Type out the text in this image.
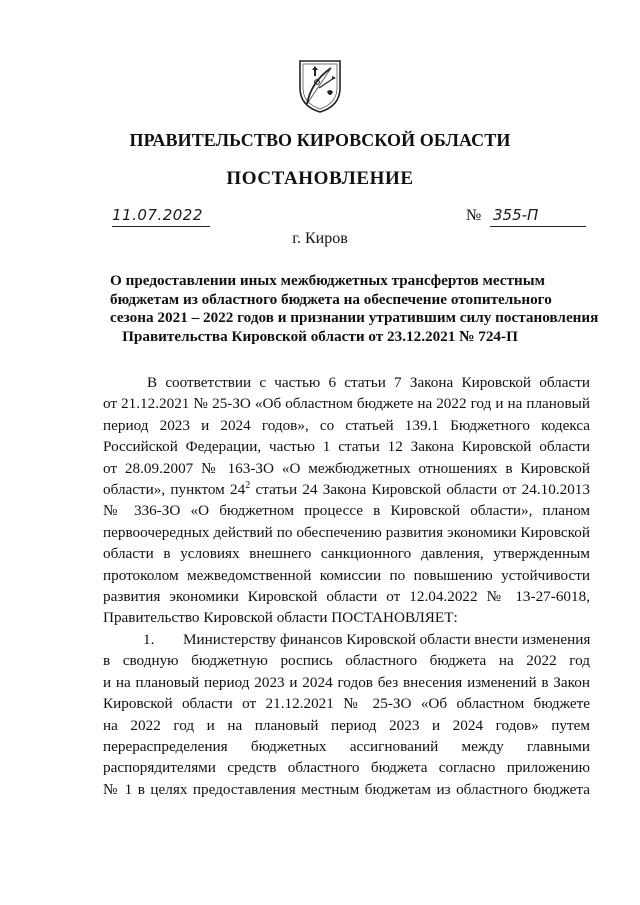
ПРАВИТЕЛЬСТВО КИРОВСКОЙ ОБЛАСТИ
ПОСТАНОВЛЕНИЕ
11.07.2022	№ 355-П
г. Киров
О предоставлении иных межбюджетных трансфертов местным
бюджетам из областного бюджета на обеспечение отопительного
сезона 2021 – 2022 годов и признании утратившим силу постановления
Правительства Кировской области от 23.12.2021 № 724-П
В соответствии с частью 6 статьи 7 Закона Кировской области
от 21.12.2021 № 25-ЗО «Об областном бюджете на 2022 год и на плановый
период 2023 и 2024 годов», со статьей 139.1 Бюджетного кодекса
Российской Федерации, частью 1 статьи 12 Закона Кировской области
от 28.09.2007 № 163-ЗО «О межбюджетных отношениях в Кировской
области», пунктом $24^2$ статьи 24 Закона Кировской области от 24.10.2013
№ 336-ЗО «О бюджетном процессе в Кировской области», планом
первоочередных действий по обеспечению развития экономики Кировской
области в условиях внешнего санкционного давления, утвержденным
протоколом межведомственной комиссии по повышению устойчивости
развития экономики Кировской области от 12.04.2022 № 13-27-6018,
Правительство Кировской области ПОСТАНОВЛЯЕТ:
1. Министерству финансов Кировской области внести изменения
в сводную бюджетную роспись областного бюджета на 2022 год
и на плановый период 2023 и 2024 годов без внесения изменений в Закон
Кировской области от 21.12.2021 № 25-ЗО «Об областном бюджете
на 2022 год и на плановый период 2023 и 2024 годов» путем
перераспределения бюджетных ассигнований между главными
распорядителями средств областного бюджета согласно приложению
№ 1 в целях предоставления местным бюджетам из областного бюджета
